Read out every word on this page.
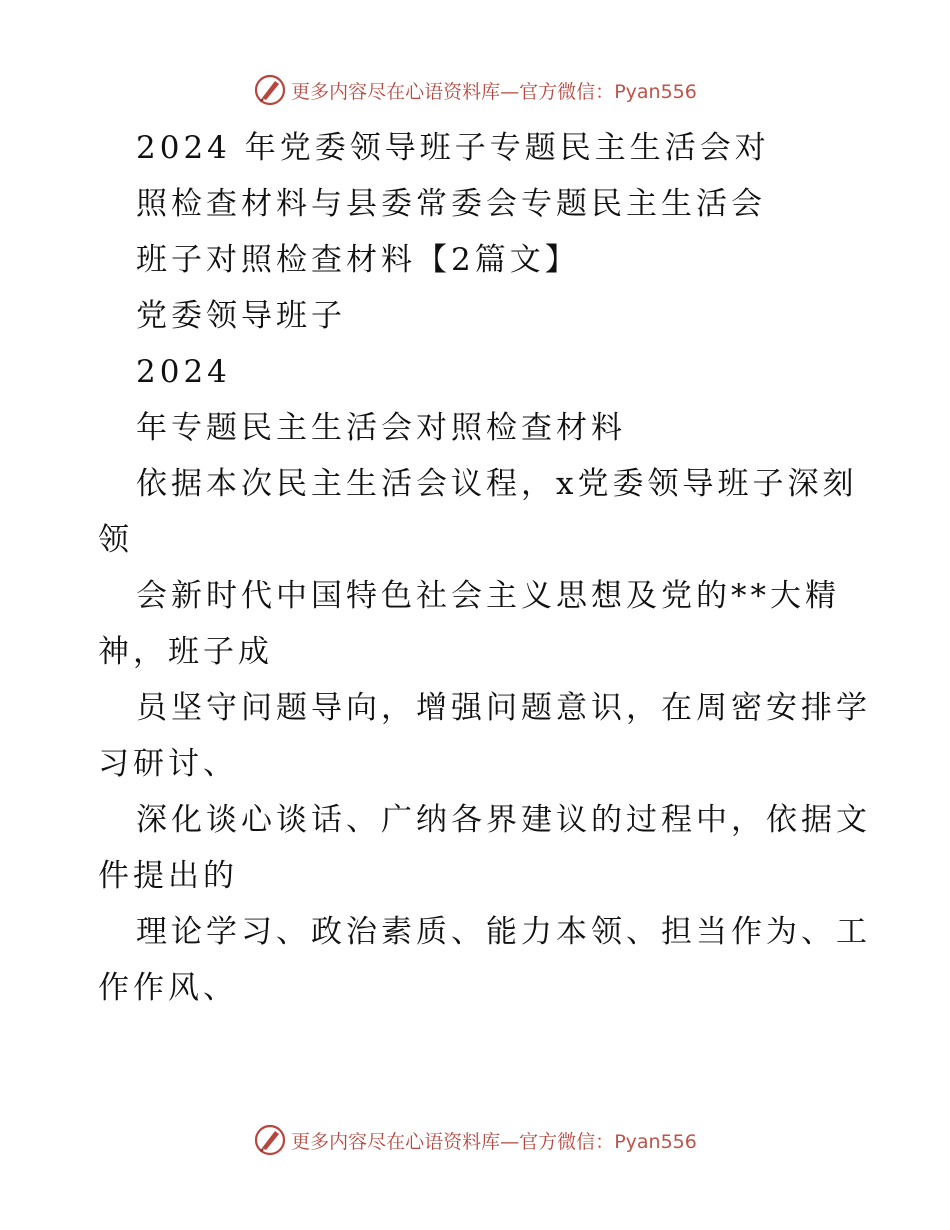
更多内容尽在心语资料库—官方微信：Pyan556
2024 年党委领导班子专题民主生活会对
照检查材料与县委常委会专题民主生活会
班子对照检查材料【2篇文】
党委领导班子
2024
年专题民主生活会对照检查材料
依据本次民主生活会议程，x党委领导班子深刻
领
会新时代中国特色社会主义思想及党的**大精
神，班子成
员坚守问题导向，增强问题意识，在周密安排学
习研讨、
深化谈心谈话、广纳各界建议的过程中，依据文
件提出的
理论学习、政治素质、能力本领、担当作为、工
作作风、
更多内容尽在心语资料库—官方微信：Pyan556
